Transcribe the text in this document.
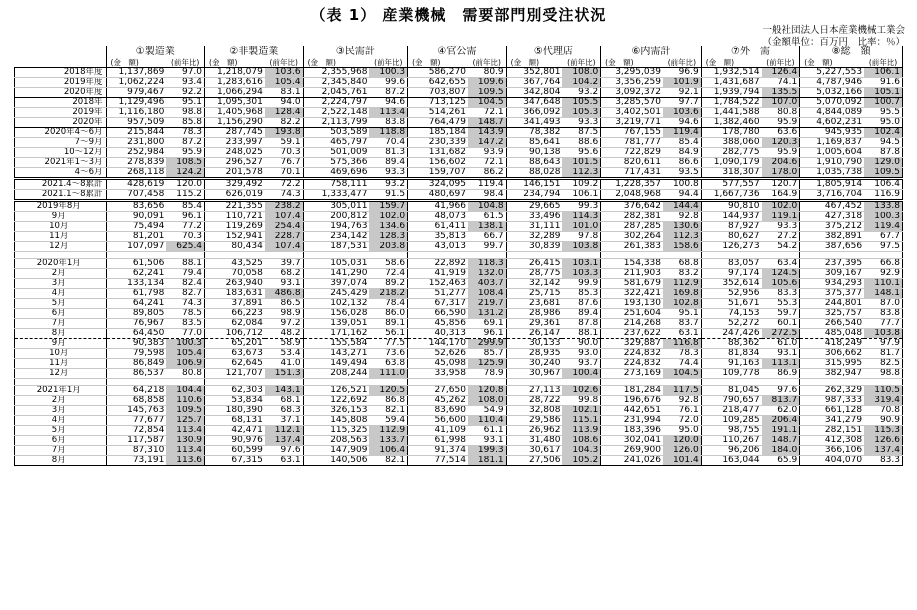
（表 1） 産業機械　需要部門別受注状況
一般社団法人日本産業機械工業会
（金額単位：百万円　比率：％）
	①製造業		②非製造業		③民需計		④官公需		⑤代理店		⑥内需計		⑦外　需		⑧総　額	
	(金　額)	(前年比)	(金　額)	(前年比)	(金　額)	(前年比)	(金　額)	(前年比)	(金　額)	(前年比)	(金　額)	(前年比)	(金　額)	(前年比)	(金　額)	(前年比)
2018年度	1,137,869	97.0	1,218,079	103.6	2,355,968	100.3	586,270	80.9	352,801	108.0	3,295,039	96.9	1,932,514	126.4	5,227,553	106.1
2019年度	1,062,224	93.4	1,283,616	105.4	2,345,840	99.6	642,655	109.6	367,764	104.2	3,356,259	101.9	1,431,687	74.1	4,787,946	91.6
2020年度	979,467	92.2	1,066,294	83.1	2,045,761	87.2	703,807	109.5	342,804	93.2	3,092,372	92.1	1,939,794	135.5	5,032,166	105.1
2018年	1,129,496	95.1	1,095,301	94.0	2,224,797	94.6	713,125	104.5	347,648	105.5	3,285,570	97.7	1,784,522	107.0	5,070,092	100.7
2019年	1,116,180	98.8	1,405,968	128.4	2,522,148	113.4	514,261	72.1	366,092	105.3	3,402,501	103.6	1,441,588	80.8	4,844,089	95.5
2020年	957,509	85.8	1,156,290	82.2	2,113,799	83.8	764,479	148.7	341,493	93.3	3,219,771	94.6	1,382,460	95.9	4,602,231	95.0
2020年4～6月	215,844	78.3	287,745	193.8	503,589	118.8	185,184	143.9	78,382	87.5	767,155	119.4	178,780	63.6	945,935	102.4
7～9月	231,800	87.2	233,997	59.1	465,797	70.4	230,339	147.2	85,641	88.6	781,777	85.4	388,060	120.3	1,169,837	94.5
10～12月	252,984	95.9	248,025	70.3	501,009	81.3	131,682	93.9	90,138	95.6	722,829	84.9	282,775	95.9	1,005,604	87.8
2021年1～3月	278,839	108.5	296,527	76.7	575,366	89.4	156,602	72.1	88,643	101.5	820,611	86.6	1,090,179	204.6	1,910,790	129.0
4～6月	268,118	124.2	201,578	70.1	469,696	93.3	159,707	86.2	88,028	112.3	717,431	93.5	318,307	178.0	1,035,738	109.5
2021.4～8累計	428,619	120.0	329,492	72.2	758,111	93.2	324,095	119.4	146,151	109.2	1,228,357	100.8	577,557	120.7	1,805,914	106.4
2021.1～8累計	707,458	115.2	626,019	74.3	1,333,477	91.5	480,697	98.4	234,794	106.1	2,048,968	94.4	1,667,736	164.9	3,716,704	116.9
2019年8月	83,656	85.4	221,355	238.2	305,011	159.7	41,966	104.8	29,665	99.3	376,642	144.4	90,810	102.0	467,452	133.8
9月	90,091	96.1	110,721	107.4	200,812	102.0	48,073	61.5	33,496	114.3	282,381	92.8	144,937	119.1	427,318	100.3
10月	75,494	77.2	119,269	254.4	194,763	134.6	61,411	138.1	31,111	101.0	287,285	130.6	87,927	93.3	375,212	119.4
11月	81,201	70.3	152,941	228.7	234,142	128.3	35,813	66.7	32,289	97.8	302,264	112.3	80,627	27.2	382,891	67.7
12月	107,097	625.4	80,434	107.4	187,531	203.8	43,013	99.7	30,839	103.8	261,383	158.6	126,273	54.2	387,656	97.5

2020年1月	61,506	88.1	43,525	39.7	105,031	58.6	22,892	118.3	26,415	103.1	154,338	68.8	83,057	63.4	237,395	66.8
2月	62,241	79.4	70,058	68.2	141,290	72.4	41,919	132.0	28,775	103.3	211,903	83.2	97,174	124.5	309,167	92.9
3月	133,134	82.4	263,940	93.1	397,074	89.2	152,463	403.7	32,142	99.9	581,679	112.9	352,614	105.6	934,293	110.1
4月	61,798	82.7	183,631	486.8	245,429	218.2	51,277	108.4	25,715	85.3	322,421	169.8	52,956	83.3	375,377	148.1
5月	64,241	74.3	37,891	86.5	102,132	78.4	67,317	219.7	23,681	87.6	193,130	102.8	51,671	55.3	244,801	87.0
6月	89,805	78.5	66,223	98.9	156,028	86.0	66,590	131.2	28,986	89.4	251,604	95.1	74,153	59.7	325,757	83.8
7月	76,967	83.5	62,084	97.2	139,051	89.1	45,856	69.1	29,361	87.8	214,268	83.7	52,272	60.1	266,540	77.7
8月	64,450	77.0	106,712	48.2	171,162	56.1	40,313	96.1	26,147	88.1	237,622	63.1	247,426	272.5	485,048	103.8
9月	90,383	100.3	65,201	58.9	155,584	77.5	144,170	299.9	30,133	90.0	329,887	116.8	88,362	61.0	418,249	97.9
10月	79,598	105.4	63,673	53.4	143,271	73.6	52,626	85.7	28,935	93.0	224,832	78.3	81,834	93.1	306,662	81.7
11月	86,849	106.9	62,645	41.0	149,494	63.8	45,098	125.9	30,240	93.7	224,832	74.4	91,163	113.1	315,995	82.5
12月	86,537	80.8	121,707	151.3	208,244	111.0	33,958	78.9	30,967	100.4	273,169	104.5	109,778	86.9	382,947	98.8

2021年1月	64,218	104.4	62,303	143.1	126,521	120.5	27,650	120.8	27,113	102.6	181,284	117.5	81,045	97.6	262,329	110.5
2月	68,858	110.6	53,834	68.1	122,692	86.8	45,262	108.0	28,722	99.8	196,676	92.8	790,657	813.7	987,333	319.4
3月	145,763	109.5	180,390	68.3	326,153	82.1	83,690	54.9	32,808	102.1	442,651	76.1	218,477	62.0	661,128	70.8
4月	77,677	125.7	68,131	37.1	145,808	59.4	56,600	110.4	29,586	115.1	231,994	72.0	109,285	206.4	341,279	90.9
5月	72,854	113.4	42,471	112.1	115,325	112.9	41,109	61.1	26,962	113.9	183,396	95.0	98,755	191.1	282,151	115.3
6月	117,587	130.9	90,976	137.4	208,563	133.7	61,998	93.1	31,480	108.6	302,041	120.0	110,267	148.7	412,308	126.6
7月	87,310	113.4	60,599	97.6	147,909	106.4	91,374	199.3	30,617	104.3	269,900	126.0	96,206	184.0	366,106	137.4
8月	73,191	113.6	67,315	63.1	140,506	82.1	77,514	181.1	27,506	105.2	241,026	101.4	163,044	65.9	404,070	83.3
